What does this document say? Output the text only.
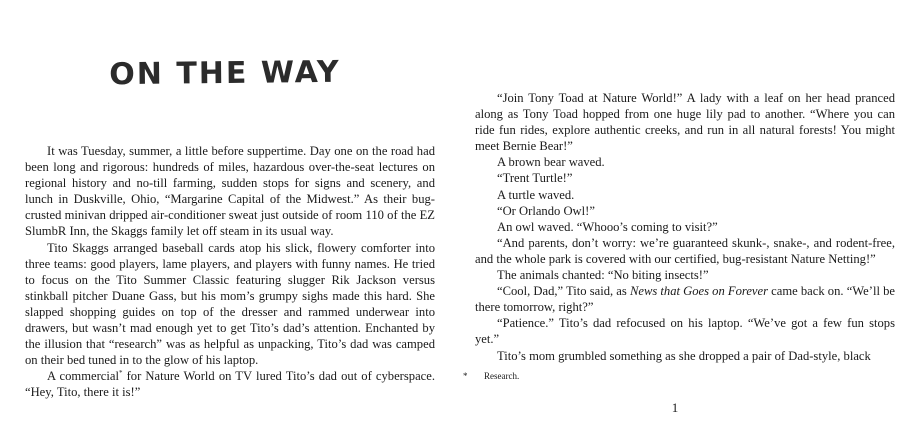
ON THE WAY

It was Tuesday, summer, a little before suppertime. Day one on the road had been long and rigorous: hundreds of miles, hazardous over-the-seat lectures on regional history and no-till farming, sudden stops for signs and scenery, and lunch in Duskville, Ohio, “Margarine Capital of the Midwest.” As their bug-crusted minivan dripped air-conditioner sweat just outside of room 110 of the EZ SlumbR Inn, the Skaggs family let off steam in its usual way.

Tito Skaggs arranged baseball cards atop his slick, flowery comforter into three teams: good players, lame players, and players with funny names. He tried to focus on the Tito Summer Classic featuring slugger Rik Jackson versus stinkball pitcher Duane Gass, but his mom’s grumpy sighs made this hard. She slapped shopping guides on top of the dresser and rammed underwear into drawers, but wasn’t mad enough yet to get Tito’s dad’s attention. Enchanted by the illusion that “research” was as helpful as unpacking, Tito’s dad was camped on their bed tuned in to the glow of his laptop.

A commercial* for Nature World on TV lured Tito’s dad out of cyberspace. “Hey, Tito, there it is!”

“Join Tony Toad at Nature World!” A lady with a leaf on her head pranced along as Tony Toad hopped from one huge lily pad to another. “Where you can ride fun rides, explore authentic creeks, and run in all natural forests! You might meet Bernie Bear!”

A brown bear waved.

“Trent Turtle!”

A turtle waved.

“Or Orlando Owl!”

An owl waved. “Whooo’s coming to visit?”

“And parents, don’t worry: we’re guaranteed skunk-, snake-, and rodent-free, and the whole park is covered with our certified, bug-resistant Nature Netting!”

The animals chanted: “No biting insects!”

“Cool, Dad,” Tito said, as News that Goes on Forever came back on. “We’ll be there tomorrow, right?”

“Patience.” Tito’s dad refocused on his laptop. “We’ve got a few fun stops yet.”

Tito’s mom grumbled something as she dropped a pair of Dad-style, black

* Research.
1
